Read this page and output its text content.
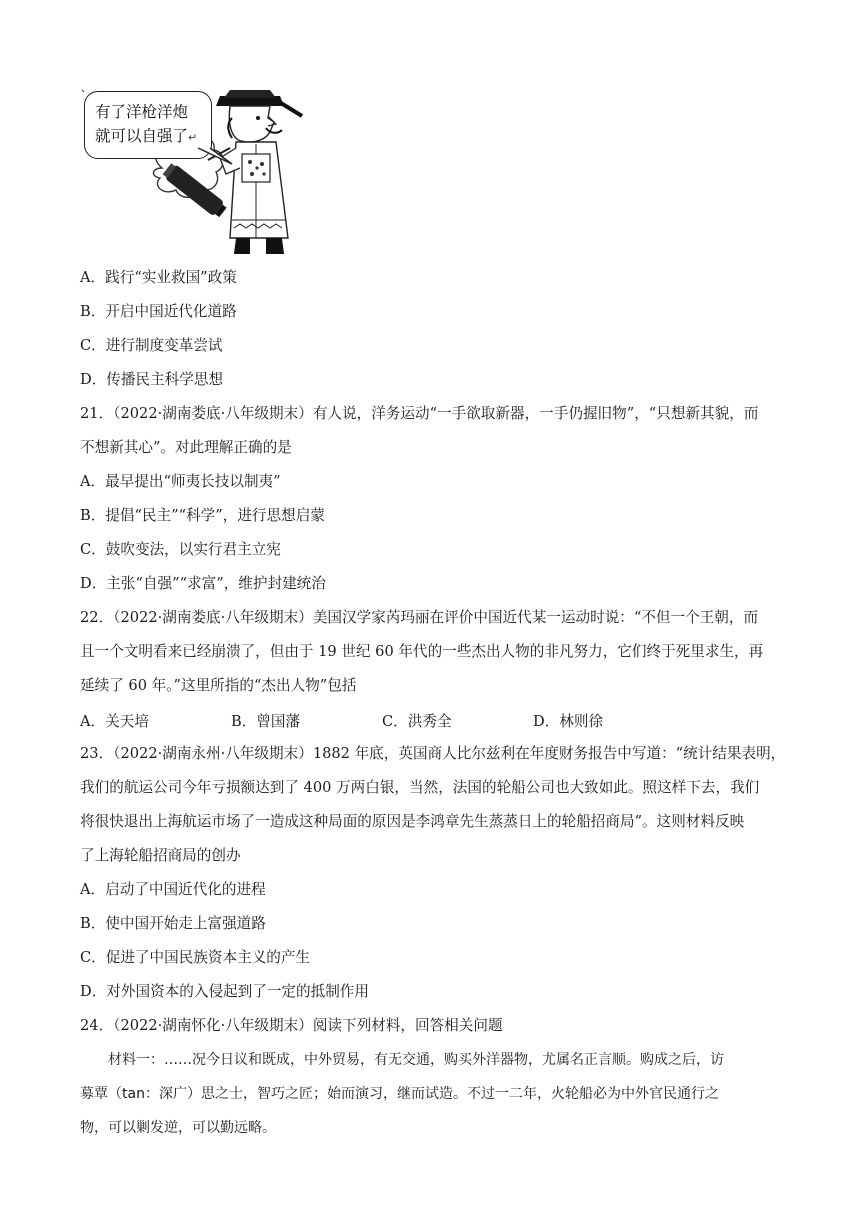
有了洋枪洋炮
就可以自强了↵
A．践行“实业救国”政策
B．开启中国近代化道路
C．进行制度变革尝试
D．传播民主科学思想
21．（2022·湖南娄底·八年级期末）有人说，洋务运动“一手欲取新器，一手仍握旧物”，“只想新其貌，而
不想新其心”。对此理解正确的是
A．最早提出“师夷长技以制夷”
B．提倡“民主”“科学”，进行思想启蒙
C．鼓吹变法，以实行君主立宪
D．主张“自强”“求富”，维护封建统治
22．（2022·湖南娄底·八年级期末）美国汉学家芮玛丽在评价中国近代某一运动时说：“不但一个王朝，而
且一个文明看来已经崩溃了，但由于 19 世纪 60 年代的一些杰出人物的非凡努力，它们终于死里求生，再
延续了 60 年。”这里所指的“杰出人物”包括
A．关天培	B．曾国藩	C．洪秀全	D．林则徐
23．（2022·湖南永州·八年级期末）1882 年底，英国商人比尔兹利在年度财务报告中写道：“统计结果表明，
我们的航运公司今年亏损额达到了 400 万两白银，当然，法国的轮船公司也大致如此。照这样下去，我们
将很快退出上海航运市场了一造成这种局面的原因是李鸿章先生蒸蒸日上的轮船招商局”。这则材料反映
了上海轮船招商局的创办
A．启动了中国近代化的进程
B．使中国开始走上富强道路
C．促进了中国民族资本主义的产生
D．对外国资本的入侵起到了一定的抵制作用
24．（2022·湖南怀化·八年级期末）阅读下列材料，回答相关问题
材料一：……况今日议和既成，中外贸易，有无交通，购买外洋器物，尤属名正言顺。购成之后，访
募覃（tan：深广）思之士，智巧之匠；始而演习，继而试造。不过一二年，火轮船必为中外官民通行之
物，可以剿发逆，可以勤远略。
